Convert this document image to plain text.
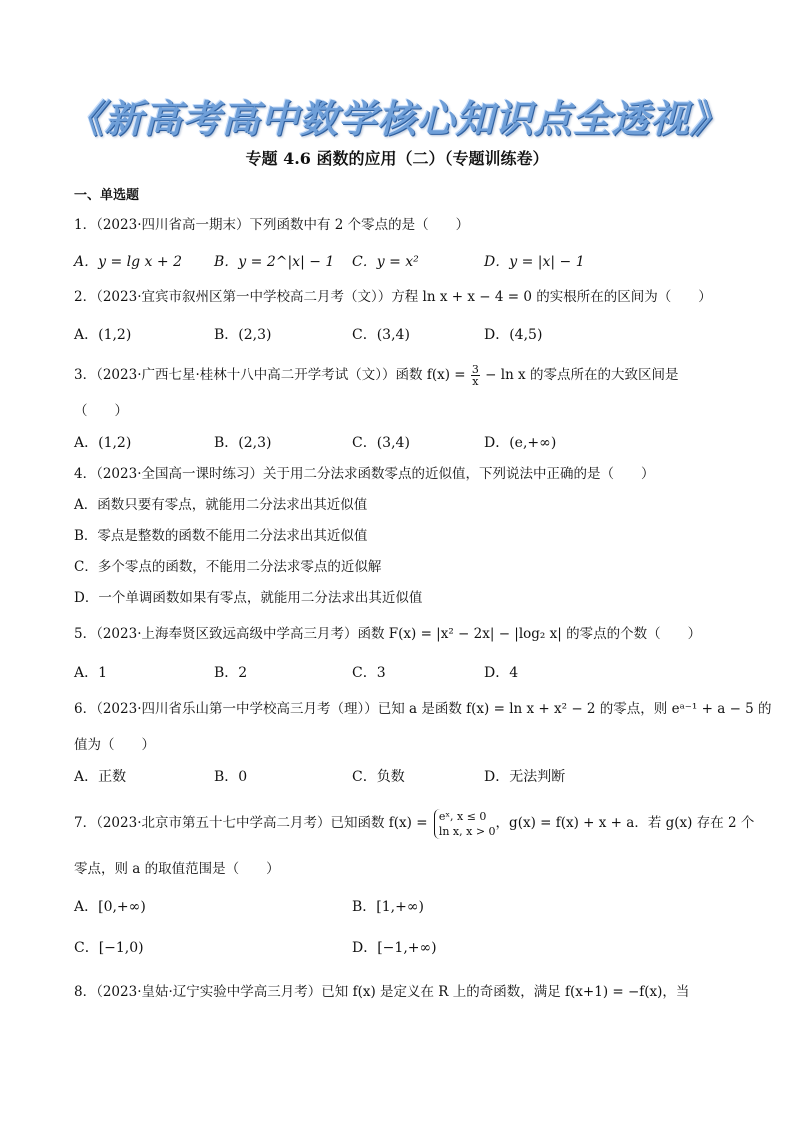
《新高考高中数学核心知识点全透视》
专题 4.6 函数的应用（二）（专题训练卷）
一、单选题
1．（2023·四川省高一期末）下列函数中有 2 个零点的是（　　）
A．y = lg x + 2 B．y = 2^|x| − 1 C．y = x²	D．y = |x| − 1
2．（2023·宜宾市叙州区第一中学校高二月考（文））方程 ln x + x − 4 = 0 的实根所在的区间为（　　）
A．(1,2)	B．(2,3)	C．(3,4)	D．(4,5)
3．（2023·广西七星·桂林十八中高二开学考试（文））函数 $f(x) = \frac{3}{x} - \ln x$ 的零点所在的大致区间是
（　　）
A．(1,2)	B．(2,3)	C．(3,4)	D．(e,+∞)
4．（2023·全国高一课时练习）关于用二分法求函数零点的近似值，下列说法中正确的是（　　）
A．函数只要有零点，就能用二分法求出其近似值
B．零点是整数的函数不能用二分法求出其近似值
C．多个零点的函数，不能用二分法求零点的近似解
D．一个单调函数如果有零点，就能用二分法求出其近似值
5．（2023·上海奉贤区致远高级中学高三月考）函数 F(x) = |x² − 2x| − |log₂ x| 的零点的个数（　　）
A．1	B．2	C．3	D．4
6．（2023·四川省乐山第一中学校高三月考（理））已知 a 是函数 f(x) = ln x + x² − 2 的零点，则 eᵃ⁻¹ + a − 5 的
值为（　　）
A．正数	B．0	C．负数	D．无法判断
7．（2023·北京市第五十七中学高二月考）已知函数 f(x) = eˣ, x ≤ 0
ln x, x > 0 ，g(x) = f(x) + x + a．若 g(x) 存在 2 个
零点，则 a 的取值范围是（　　）
A．[0,+∞)	B．[1,+∞)
C．[−1,0)	D．[−1,+∞)
8．（2023·皇姑·辽宁实验中学高三月考）已知 f(x) 是定义在 R 上的奇函数，满足 f(x+1) = −f(x)，当
